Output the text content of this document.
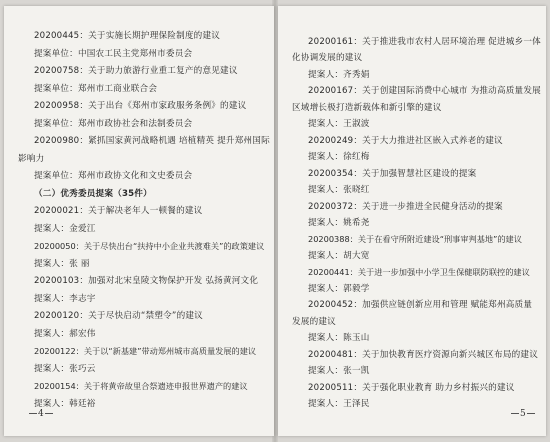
20200445：关于实施长期护理保险制度的建议
提案单位：中国农工民主党郑州市委员会
20200758：关于助力旅游行业重工复产的意见建议
提案单位：郑州市工商业联合会
20200958：关于出台《郑州市家政服务条例》的建议
提案单位：郑州市政协社会和法制委员会
20200980：紧抓国家黄河战略机遇 培植精英 提升郑州国际
影响力
提案单位：郑州市政协文化和文史委员会
（二）优秀委员提案（35件）
20200021：关于解决老年人一顿餐的建议
提案人：金爱江
20200050：关于尽快出台“扶持中小企业共渡难关”的政策建议
提案人：张 丽
20200103：加强对北宋皇陵文物保护开发 弘扬黄河文化
提案人：李志宇
20200120：关于尽快启动“禁塑令”的建议
提案人：郝宏伟
20200122：关于以“新基建”带动郑州城市高质量发展的建议
提案人：张巧云
20200154：关于将黄帝故里合祭遗迹申报世界遗产的建议
提案人：韩廷裕
4
20200161：关于推进我市农村人居环境治理 促进城乡一体
化协调发展的建议
提案人：齐秀娟
20200167：关于创建国际消费中心城市 为推动高质量发展
区域增长极打造新载体和新引擎的建议
提案人：王淑波
20200249：关于大力推进社区嵌入式养老的建议
提案人：徐红梅
20200354：关于加强智慧社区建设的提案
提案人：张晓红
20200372：关于进一步推进全民健身活动的提案
提案人：姚希尧
20200388：关于在看守所附近建设“刑事审判基地”的建议
提案人：胡大宽
20200441：关于进一步加强中小学卫生保健联防联控的建议
提案人：郭毅学
20200452：加强供应链创新应用和管理 赋能郑州高质量
发展的建议
提案人：陈玉山
20200481：关于加快教育医疗资源向新兴城区布局的建议
提案人：张一凯
20200511：关于强化职业教育 助力乡村振兴的建议
提案人：王泽民
5
